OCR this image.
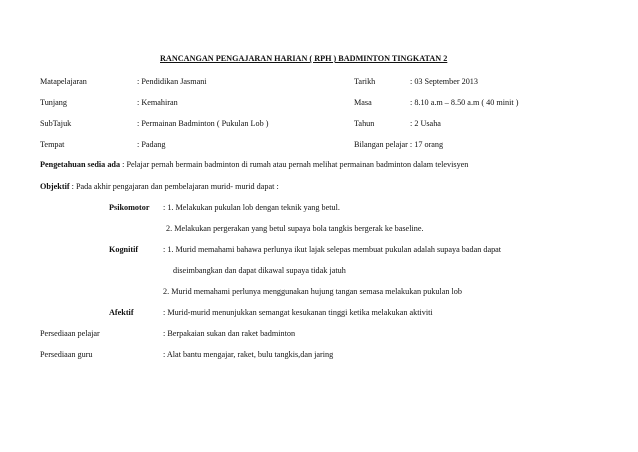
RANCANGAN PENGAJARAN HARIAN ( RPH ) BADMINTON TINGKATAN 2
Matapelajaran	: Pendidikan Jasmani	Tarikh	: 03 September 2013
Tunjang	: Kemahiran	Masa	: 8.10 a.m – 8.50 a.m ( 40 minit )
SubTajuk	: Permainan Badminton ( Pukulan Lob )	Tahun	: 2 Usaha
Tempat	: Padang	Bilangan pelajar : 17 orang
Pengetahuan sedia ada : Pelajar pernah bermain badminton di rumah atau pernah melihat permainan badminton dalam televisyen
Objektif : Pada akhir pengajaran dan pembelajaran murid- murid dapat :
Psikomotor : 1. Melakukan pukulan lob dengan teknik yang betul.
2. Melakukan pergerakan yang betul supaya bola tangkis bergerak ke baseline.
Kognitif	: 1. Murid memahami bahawa perlunya ikut lajak selepas membuat pukulan adalah supaya badan dapat
diseimbangkan dan dapat dikawal supaya tidak jatuh
2. Murid memahami perlunya menggunakan hujung tangan semasa melakukan pukulan lob
Afektif	: Murid-murid menunjukkan semangat kesukanan tinggi ketika melakukan aktiviti
Persediaan pelajar	: Berpakaian sukan dan raket badminton
Persediaan guru	: Alat bantu mengajar, raket, bulu tangkis,dan jaring
